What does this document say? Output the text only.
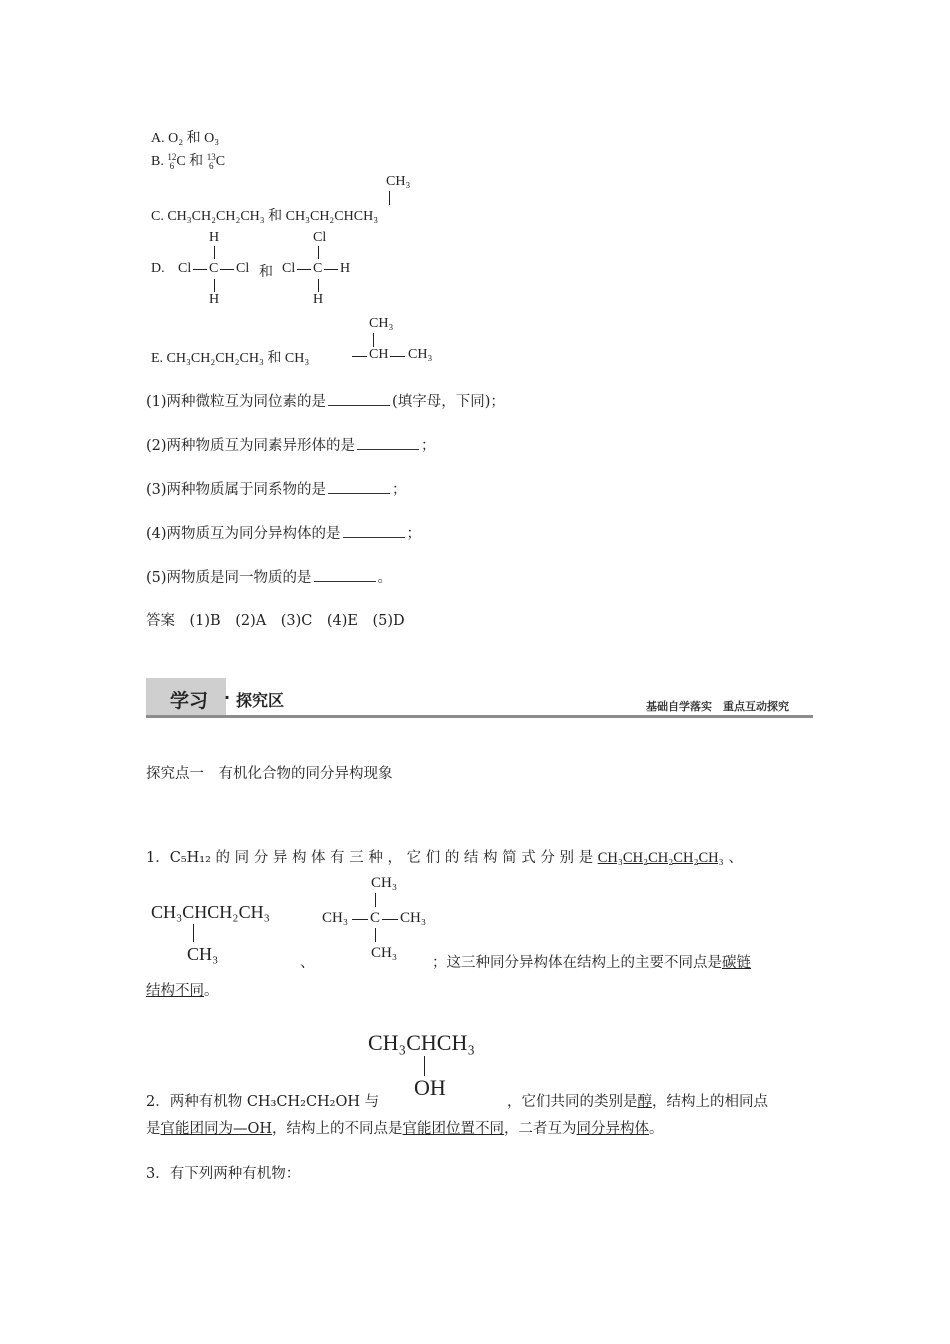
A. O₂ 和 O₃
B. 12
6 C 和 13
6 C
CH₃
C. CH₃CH₂CH₂CH₃ 和 CH₃CH₂CHCH₃
H	Cl
D. Cl C Cl 和 Cl C H
H	H
CH₃
E. CH₃CH₂CH₂CH₃ 和 CH₃	CH CH₃
(1)两种微粒互为同位素的是	(填字母，下同)；
(2)两种物质互为同素异形体的是	；
(3)两种物质属于同系物的是	；
(4)两物质互为同分异构体的是	；
(5)两物质是同一物质的是	。
答案　(1)B　(2)A　(3)C　(4)E　(5)D
学习 · 探究区	基础自学落实　重点互动探究
探究点一　有机化合物的同分异构现象
1．C₅H₁₂ 的 同 分 异 构 体 有 三 种 ， 它 们 的 结 构 简 式 分 别 是 CH₃CH₂CH₂CH₂CH₃ 、
CH₃CHCH₂CH₃
CH₃	、
CH₃
CH₃ C CH₃
CH₃
；这三种同分异构体在结构上的主要不同点是碳链
结构不同。
CH₃CHCH₃
OH
2．两种有机物 CH₃CH₂CH₂OH 与	，它们共同的类别是醇，结构上的相同点
是官能团同为—OH，结构上的不同点是官能团位置不同，二者互为同分异构体。
3．有下列两种有机物：
